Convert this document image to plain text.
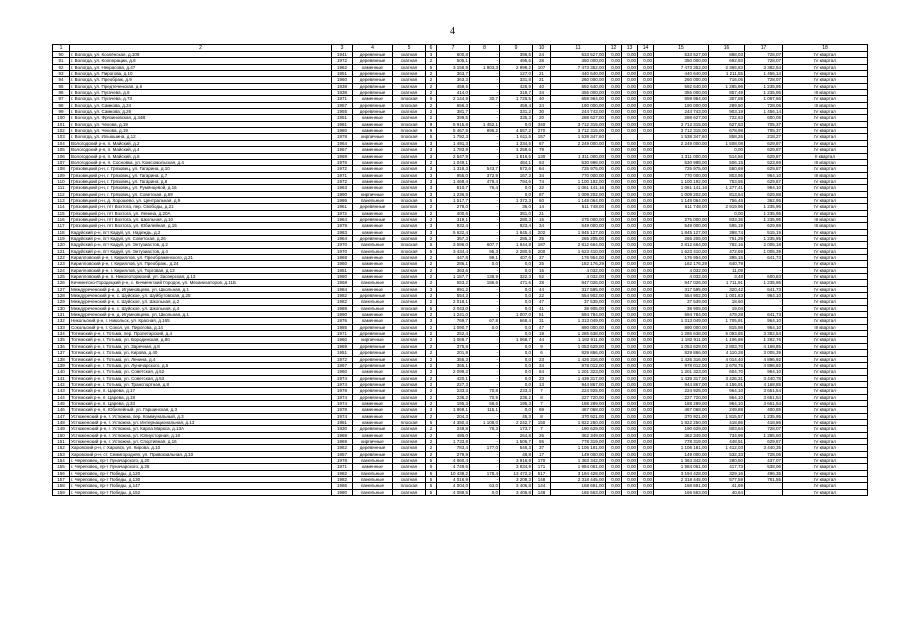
4
1	2	3	4	5	6	7	8	9	10	11	12	13	14	15	16	17	18
90	г. Вологда, ул. Козлёнская, д.109	1941	деревянные	скатная	3	600,8	-	396,5	24	533 527,00	0,00	0,00	0,00	533 527,00	888,03	728,07	IV квартал
91	г. Вологда, ул. Кооперации, д.6	1972	деревянные	скатная	2	505,1	-	495,6	28	350 000,00	0,00	0,00	0,00	350 000,00	692,93	728,07	IV квартал
92	г. Вологда, ул. Некрасова, д.47	1962	каменные	скатная	5	3 158,9	1 903,3	2 998,2	107	7 473 352,00	0,00	0,00	0,00	7 473 352,00	2 365,83	3 382,54	IV квартал
93	г. Вологда, ул. Пирогова, д.10	1951	деревянные	скатная	2	363,7	-	127,0	21	440 640,00	0,00	0,00	0,00	440 640,00	1 211,55	1 456,14	IV квартал
94	г. Вологда, ул. Преображ, д.9	1960	деревянные	скатная	2	363,3	-	331,8	21	260 000,00	0,00	0,00	0,00	260 000,00	716,06	728,07	IV квартал
95	г. Вологда, ул. Предтеченская, д.6	1938	деревянные	скатная	2	459,5	-	426,9	40	592 640,00	0,00	0,00	0,00	592 640,00	1 285,96	1 235,95	IV квартал
96	г. Вологда, ул. Пугачева, д.9	1938	деревянные	скатная	2	414,0	-	319,7	34	355 000,00	0,00	0,00	0,00	355 000,00	857,49	1 235,95	III квартал
97	г. Вологда, ул. Пугачева, д.73	1971	каменные	плоская	5	2 144,9	30,7	1 725,5	40	659 964,00	0,00	0,00	0,00	659 964,00	307,69	1 097,56	IV квартал
98	г. Вологда, ул. Самкова, д.24	1957	деревянные	плоская	2	656,3	-	459,4	24	190 000,00	0,00	0,00	0,00	190 000,00	289,50	728,06	III квартал
99	г. Вологда, ул. Самкова, д.26	1955	деревянные	скатная	2	381,7	-	331,2	30	244 743,00	0,00	0,00	0,00	244 743,00	903,19	1 456,14	IV квартал
100	г. Вологда, ул. Фрязиновская, д.34В	1951	каменные	скатная	2	399,5	-	335,3	20	288 627,00	0,00	0,00	0,00	288 627,00	722,63	600,05	IV квартал
101	г. Вологда, ул. Чехова, д.19	1981	каменные	плоская	9	5 915,8	1 452,1	0,0	340	3 712 315,00	0,00	0,00	0,00	3 712 315,00	627,53	705,37	IV квартал
102	г. Вологда, ул. Чехова, д.19	1980	каменные	плоская	9	5 467,5	895,2	4 557,2	270	3 712 315,00	0,00	0,00	0,00	3 712 315,00	678,98	705,37	IV квартал
103	г. Вологда, ул. Ильюшина, д.12	1978	кирпичные	плоская	5	1 792,3	-	1 611,5	157	1 538 347,60				1 538 347,60	858,26	218,27	IV квартал
104	Вологодский р-н, п. Майский, д.2	1964	каменные	скатная	3	1 491,3	-	1 334,5	67	2 249 000,00	0,00	0,00	0,00	2 249 000,00	1 508,08	629,87	IV квартал
105	Вологодский р-н, п. Майский, д.4	1967	каменные	скатная	3	1 783,9	-	1 259,6	79		0,00	0,00	0,00		0,00	629,87	IV квартал
106	Вологодский р-н, п. Майский, д.6	1969	каменные	скатная	3	2 547,9	-	1 816,5	130	1 311 000,00	0,00	0,00	0,00	1 311 000,00	514,56	629,87	II квартал
107	Вологодский р-н, п. Сосновка, ул. Комсомольская, д.4	1976	каменные	скатная	2	1 049,1	-	484,1	53	530 998,00	0,00	0,00	0,00	530 998,00	506,15	523,69	III квартал
108	Грязовецкий р-н, г. Грязовец, ул. Гагарина, д.10	1972	каменные	скатная	3	1 318,3	543,7	572,6	64	725 975,00	0,00	0,00	0,00	725 975,00	550,69	629,87	IV квартал
109	Грязовецкий р-н, г. Грязовец, ул. Гагарина, д.7	1971	каменные	скатная	3	955,0	372,9	167,3	34	770 000,00	0,00	0,00	0,00	770 000,00	803,95	964,10	III квартал
110	Грязовецкий р-н, г. Грязовец, ул. Гагарина, д.8	1972	каменные	скатная	3	1 469,4	479,4	794,6	74	1 100 192,00	0,00	0,00	0,00	1 100 192,00	753,55	629,87	IV квартал
111	Грязовецкий р-н, г. Грязовец, ул. Румянцевой, д.16	1963	каменные	скатная	3	810,7	76,4	0,0	22	1 061 141,16	0,00	0,00	0,00	1 061 141,16	1 277,41	964,10	IV квартал
112	Грязовецкий р-н, г. Грязовец, ул. Советская, д.69	1990	кирпичные	скатная	3	1 236,5	-	0,0	87	1 009 202,00	0,00	0,00	0,00	1 009 202,00	813,54	629,88	IV квартал
113	Грязовецкий р-н, д. Хорошево, ул. Центральная, д.9	1986	панельные	плоская	5	1 517,7	-	1 372,3	60	1 148 064,00	0,00	0,00	0,00	1 148 064,00	756,45	362,95	IV квартал
114	Грязовецкий р-н, пгт Вохтога, пер. Свободы, д.21	1961	деревянные	скатная	2	278,0	-	36,0	14	611 748,00	0,00	0,00	0,00	611 748,00	2 919,96	1 235,95	IV квартал
115	Грязовецкий р-н, пгт Вохтога, ул. Ленина, д.20А	1972	каменные	скатная	2	400,6	-	351,0	21		0,00	0,00	0,00		0,00	1 235,95	IV квартал
116	Грязовецкий р-н, пгт Вохтога, ул. Школьная, д.10	1964	деревянные	скатная	2	319,1	-	280,3	15	275 000,00	0,00	0,00	0,00	275 000,00	833,36	1 235,95	III квартал
117	Грязовецкий р-н, пгт Вохтога, ул. Юбилейная, д.16	1979	каменные	скатная	3	932,4	-	923,4	34	549 000,00	0,00	0,00	0,00	549 000,00	595,19	629,88	III квартал
118	Кадуйский р-н, пгт Кадуй, ул. Надеждь, д.2	1983	каменные	скатная	3	5 622,4	-	1 845,4	202	1 845 127,00	0,00	0,00	0,00	1 845 127,00	398,74	515,19	IV квартал
119	Кадуйский р-н, пгт Кадуй, ул. Советская, д.26	1964	деревянные	скатная	2	357,3	-	285,3	25	265 205,00	0,00	0,00	0,00	265 205,00	751,29	1 235,95	IV квартал
120	Кадуйский р-н, пгт Кадуй, ул. Энтузиастов, д.2	1970	панельные	плоская	5	3 596,0	607,7	1 844,8	187	2 812 664,00	0,00	0,00	0,00	2 812 664,00	782,16	2 005,18	IV квартал
121	Кадуйский р-н, пгт Кадуй, ул. Энтузиастов, д.4	1970	панельные	плоская	5	3 434,4	95,3	2 280,5	200	1 623 410,00	0,00	0,00	0,00	1 623 410,00	472,69	1 005,39	IV квартал
122	Кирилловский р-н, г. Кириллов, ул. Преображенского, д.21	1968	каменные	скатная	2	447,8	99,1	407,6	27	176 954,00	0,00	0,00	0,00	176 954,00	395,16	641,73	IV квартал
123	Кирилловский р-н, г. Кириллов, ул. Преображ., д.24	1960	каменные	скатная	2	286,1	0,0	0,0	25	182 176,29	0,00	0,00	0,00	182 176,29	640,79		IV квартал
124	Кирилловский р-н, г. Кириллов, ул. Торговая, д.13	1951	каменные	скатная	2	363,6	-	0,0	15	4 032,00	0,00	0,00	0,00	4 032,00	11,09	-	IV квартал
125	Кирилловский р-н, п. Николоторжский, ул. Заозерская, д.13	1950	каменные	скатная	2	1 157,7	138,9	322,3	52	4 032,00	0,00	0,00	0,00	4 032,00	3,48	600,83	IV квартал
126	Кичменгско-Городецкий р-н, с. Кичменгский Городок, ул. Механизаторов, д.11Б	1968	панельные	скатная	2	553,2	186,6	471,6	28	947 026,00	0,00	0,00	0,00	947 026,00	1 711,91	1 235,95	IV квартал
127	Междуреченский р-н, д. Игумновцево, ул. Школьная, д.1	1984	каменные	скатная	3	991,2	-	0,0	44	317 595,00	0,00	0,00	0,00	317 595,00	320,42	641,73	IV квартал
128	Междуреченский р-н, с. Шуйское, ул. Шуйбутовская, д.25	1982	деревянные	скатная	2	554,3	-	0,0	22	554 902,00	0,00	0,00	0,00	554 902,00	1 001,63	964,10	IV квартал
129	Междуреченский р-н, с. Шуйское, ул. Школьная, д.2	1982	панельные	скатная	2	2 018,1	-	0,0	47	37 539,00	0,00	0,00	0,00	37 539,00	18,60	-	IV квартал
130	Междуреченский р-н, с. Шуйское, ул. Школьная, д.4	1989	панельные	плоская	5	2 043,0	-	0,0	41	38 905,00	0,00	0,00	0,00	38 905,00	19,04	-	IV квартал
131	Междуреченский р-н, д. Игумновцево, ул. Школьная, д.1	1990	каменные	скатная	2	1 241,0	-	1 007,0	51	594 784,00	0,00	0,00	0,00	594 784,00	479,28	641,73	IV квартал
132	Никольский р-н, г. Никольск, ул. Красная, д.165	1976	каменные	скатная	3	769,7	67,8	668,4	31	1 313 049,00	0,00	0,00	0,00	1 313 049,00	1 705,91	964,10	IV квартал
133	Сокольский р-н, г. Сокол, ул. Пирогова, д.14	1985	деревянные	скатная	2	1 090,7	0,0	0,0	47	890 000,00	0,00	0,00	0,00	890 000,00	815,98	964,10	III квартал
134	Тотемский р-н, г. Тотьма, пер. Пролетарский, д.4	1971	деревянные	скатная	2	252,4	-	0,0	19	1 285 638,00	0,00	0,00	0,00	1 285 638,00	5 093,65	3 382,54	IV квартал
135	Тотемский р-н, г. Тотьма, ул. Бородинская, д.80	1960	кирпичные	скатная	2	1 068,7	-	1 068,7	44	1 182 911,00	0,00	0,00	0,00	1 182 911,00	1 106,88	1 292,76	IV квартал
136	Тотемский р-н, г. Тотьма, ул. Заречная, д.8	1969	деревянные	скатная	2	375,8	-	0,0	9	1 053 629,00	0,00	0,00	0,00	1 053 629,00	2 803,70	4 168,85	IV квартал
137	Тотемский р-н, г. Тотьма, ул. Кирова, д.40	1951	деревянные	скатная	2	201,9	-	0,0	6	829 866,00	0,00	0,00	0,00	829 866,00	4 110,28	3 005,39	IV квартал
138	Тотемский р-н, г. Тотьма, ул. Ленина, д.4	1972	деревянные	скатная	2	355,3	-	0,0	23	1 426 316,00	0,00	0,00	0,00	1 426 316,00	4 014,40	4 896,92	IV квартал
139	Тотемский р-н, г. Тотьма, ул. Луначарского, д.5	1967	деревянные	скатная	2	365,1	-	0,0	34	978 012,00	0,00	0,00	0,00	978 012,00	2 678,75	4 896,92	IV квартал
140	Тотемский р-н, г. Тотьма, ул. Советская, д.52	1980	каменные	скатная	2	2 099,2	-	0,0	64	1 201 323,00	0,00	0,00	0,00	1 201 323,00	604,70	964,10	IV квартал
141	Тотемский р-н, г. Тотьма, ул. Советская, д.53	1974	деревянные	скатная	2	420,1	-	0,0	23	1 439 317,00	0,00	0,00	0,00	1 439 317,00	3 426,31	3 440,78	IV квартал
142	Тотемский р-н, г. Тотьма, ул. Транспортная, д.8	1974	деревянные	скатная	2	227,3	-	0,0	13	944 867,00	0,00	0,00	0,00	944 867,00	4 156,91	4 168,85	IV квартал
143	Тотемский р-н, п. Царева, д.17	1978	деревянные	скатная	2	233,3	70,8	233,3	7	224 925,00	0,00	0,00	0,00	224 925,00	964,10	3 651,54	IV квартал
144	Тотемский р-н, п. Царева, д.19	1974	деревянные	скатная	2	236,2	70,9	236,2	8	227 720,00	0,00	0,00	0,00	227 720,00	964,10	3 651,54	IV квартал
145	Тотемский р-н, п. Царева, д.33	1974	каменные	скатная	2	195,3	58,6	195,3	7	188 289,00	0,00	0,00	0,00	188 289,00	964,10	3 651,54	IV квартал
146	Тотемский р-н, п. Юбилейный, ул. Гаршинская, д.3	1978	каменные	скатная	3	1 869,1	115,1	0,0	69	467 068,00	0,00	0,00	0,00	467 068,00	249,88	400,85	IV квартал
147	Устюженский р-н, г. Устюжна, пер. Коммунальный, д.3	1974	каменные	скатная	2	204,3	-	45,3	8	370 921,00	0,00	0,00	0,00	370 921,00	1 815,57	1 235,95	IV квартал
148	Устюженский р-н, г. Устюжна, ул. Интернациональная, д.13	1981	каменные	плоская	5	4 350,3	1 108,0	2 242,7	150	1 822 250,00	0,00	0,00	0,00	1 822 250,00	418,86	418,86	IV квартал
149	Устюженский р-н, г. Устюжна, ул. Карла Маркса, д.13А	1930	деревянные	скатная	2	249,8	78,3	173,7	7	190 629,00	0,00	0,00	0,00	190 629,00	803,64	728,07	IV квартал
150	Устюженский р-н, г. Устюжна, ул. Юлиусторная, д.18	1969	каменные	скатная	2	495,0	-	264,8	26	362 349,00	0,00	0,00	0,00	362 349,00	734,99	1 285,50	IV квартал
151	Устюженский р-н, г. Устюжна, ул. Спортивная, д.16	1969	кирпичные	скатная	2	1 733,8	-	1 506,7	55	778 319,00	0,00	0,00	0,00	778 319,00	448,91	629,87	IV квартал
152	Харовский р-н, г. Харовск, ул. Кирова, д.10	1962	деревянные	скатная	2	783,4	177,0	546,3	37	1 106 181,00	0,00	0,00	0,00	1 106 181,00	1 412,03	3 440,35	IV квартал
153	Харовский р-н, ст. Семигородняя, ул. Привокзальная, д.10	1957	деревянные	скатная	2	279,9	-	48,8	17	149 000,00	0,00	0,00	0,00	149 000,00	532,33	728,06	IV квартал
154	г. Череповец, пр-т Луначарского, д.20	1978	панельные	скатная	5	4 860,4	-	3 916,9	170	1 363 342,00	0,00	0,00	0,00	1 363 342,00	280,50	437,07	IV квартал
155	г. Череповец, пр-т Луначарского, д.26	1971	каменные	скатная	5	4 749,6	-	3 834,9	171	1 984 061,00	0,00	0,00	0,00	1 984 061,00	417,73	538,06	IV квартал
156	г. Череповец, пр-т Победы, д.120	1982	панельные	скатная	5	10 438,2	178,4	13 472,2	517	3 194 428,00	0,00	0,00	0,00	3 194 428,00	329,16	496,35	IV квартал
157	г. Череповец, пр-т Победы, д.130	1982	панельные	скатная	5	4 016,9	-	3 209,3	148	2 318 445,00	0,00	0,00	0,00	2 318 445,00	577,59	761,55	IV квартал
158	г. Череповец, пр-т Победы, д.147	1986	панельные	плоская	5	4 004,0	63,0	3 406,8	144	168 691,00	0,00	0,00	0,00	168 691,00	41,69		IV квартал
159	г. Череповец, пр-т Победы, д.152	1980	панельные	скатная	5	4 088,5	0,0	3 406,8	148	165 563,00	0,00	0,00	0,00	165 563,00	40,64		IV квартал
